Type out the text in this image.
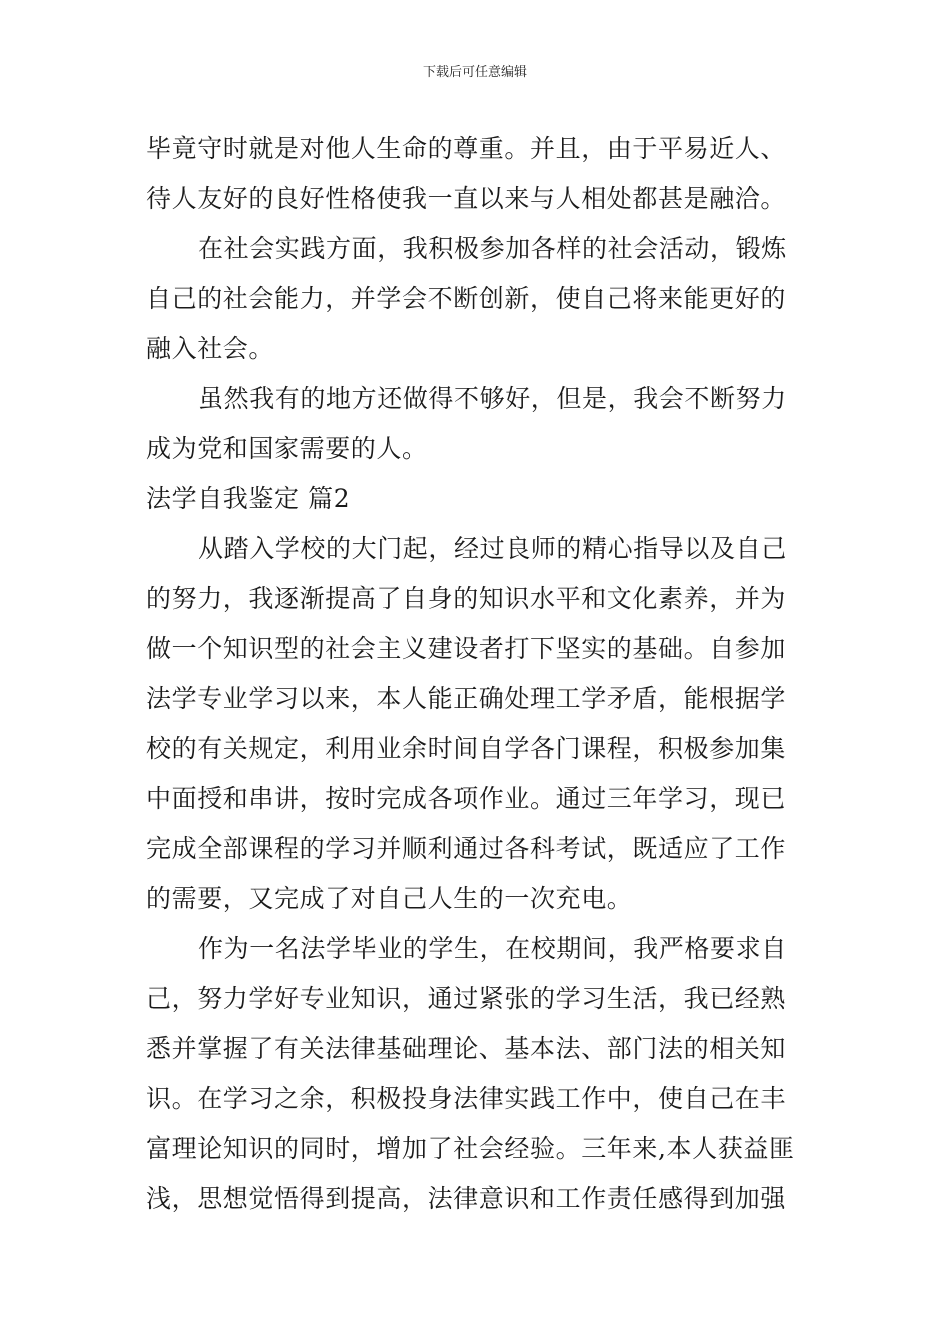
下载后可任意编辑
毕竟守时就是对他人生命的尊重。并且，由于平易近人、
待人友好的良好性格使我一直以来与人相处都甚是融洽。
在社会实践方面，我积极参加各样的社会活动，锻炼
自己的社会能力，并学会不断创新，使自己将来能更好的
融入社会。
虽然我有的地方还做得不够好，但是，我会不断努力
成为党和国家需要的人。
法学自我鉴定 篇2
从踏入学校的大门起，经过良师的精心指导以及自己
的努力，我逐渐提高了自身的知识水平和文化素养，并为
做一个知识型的社会主义建设者打下坚实的基础。自参加
法学专业学习以来，本人能正确处理工学矛盾，能根据学
校的有关规定，利用业余时间自学各门课程，积极参加集
中面授和串讲，按时完成各项作业。通过三年学习，现已
完成全部课程的学习并顺利通过各科考试，既适应了工作
的需要，又完成了对自己人生的一次充电。
作为一名法学毕业的学生，在校期间，我严格要求自
己，努力学好专业知识，通过紧张的学习生活，我已经熟
悉并掌握了有关法律基础理论、基本法、部门法的相关知
识。在学习之余，积极投身法律实践工作中，使自己在丰
富理论知识的同时，增加了社会经验。三年来,本人获益匪
浅，思想觉悟得到提高，法律意识和工作责任感得到加强
